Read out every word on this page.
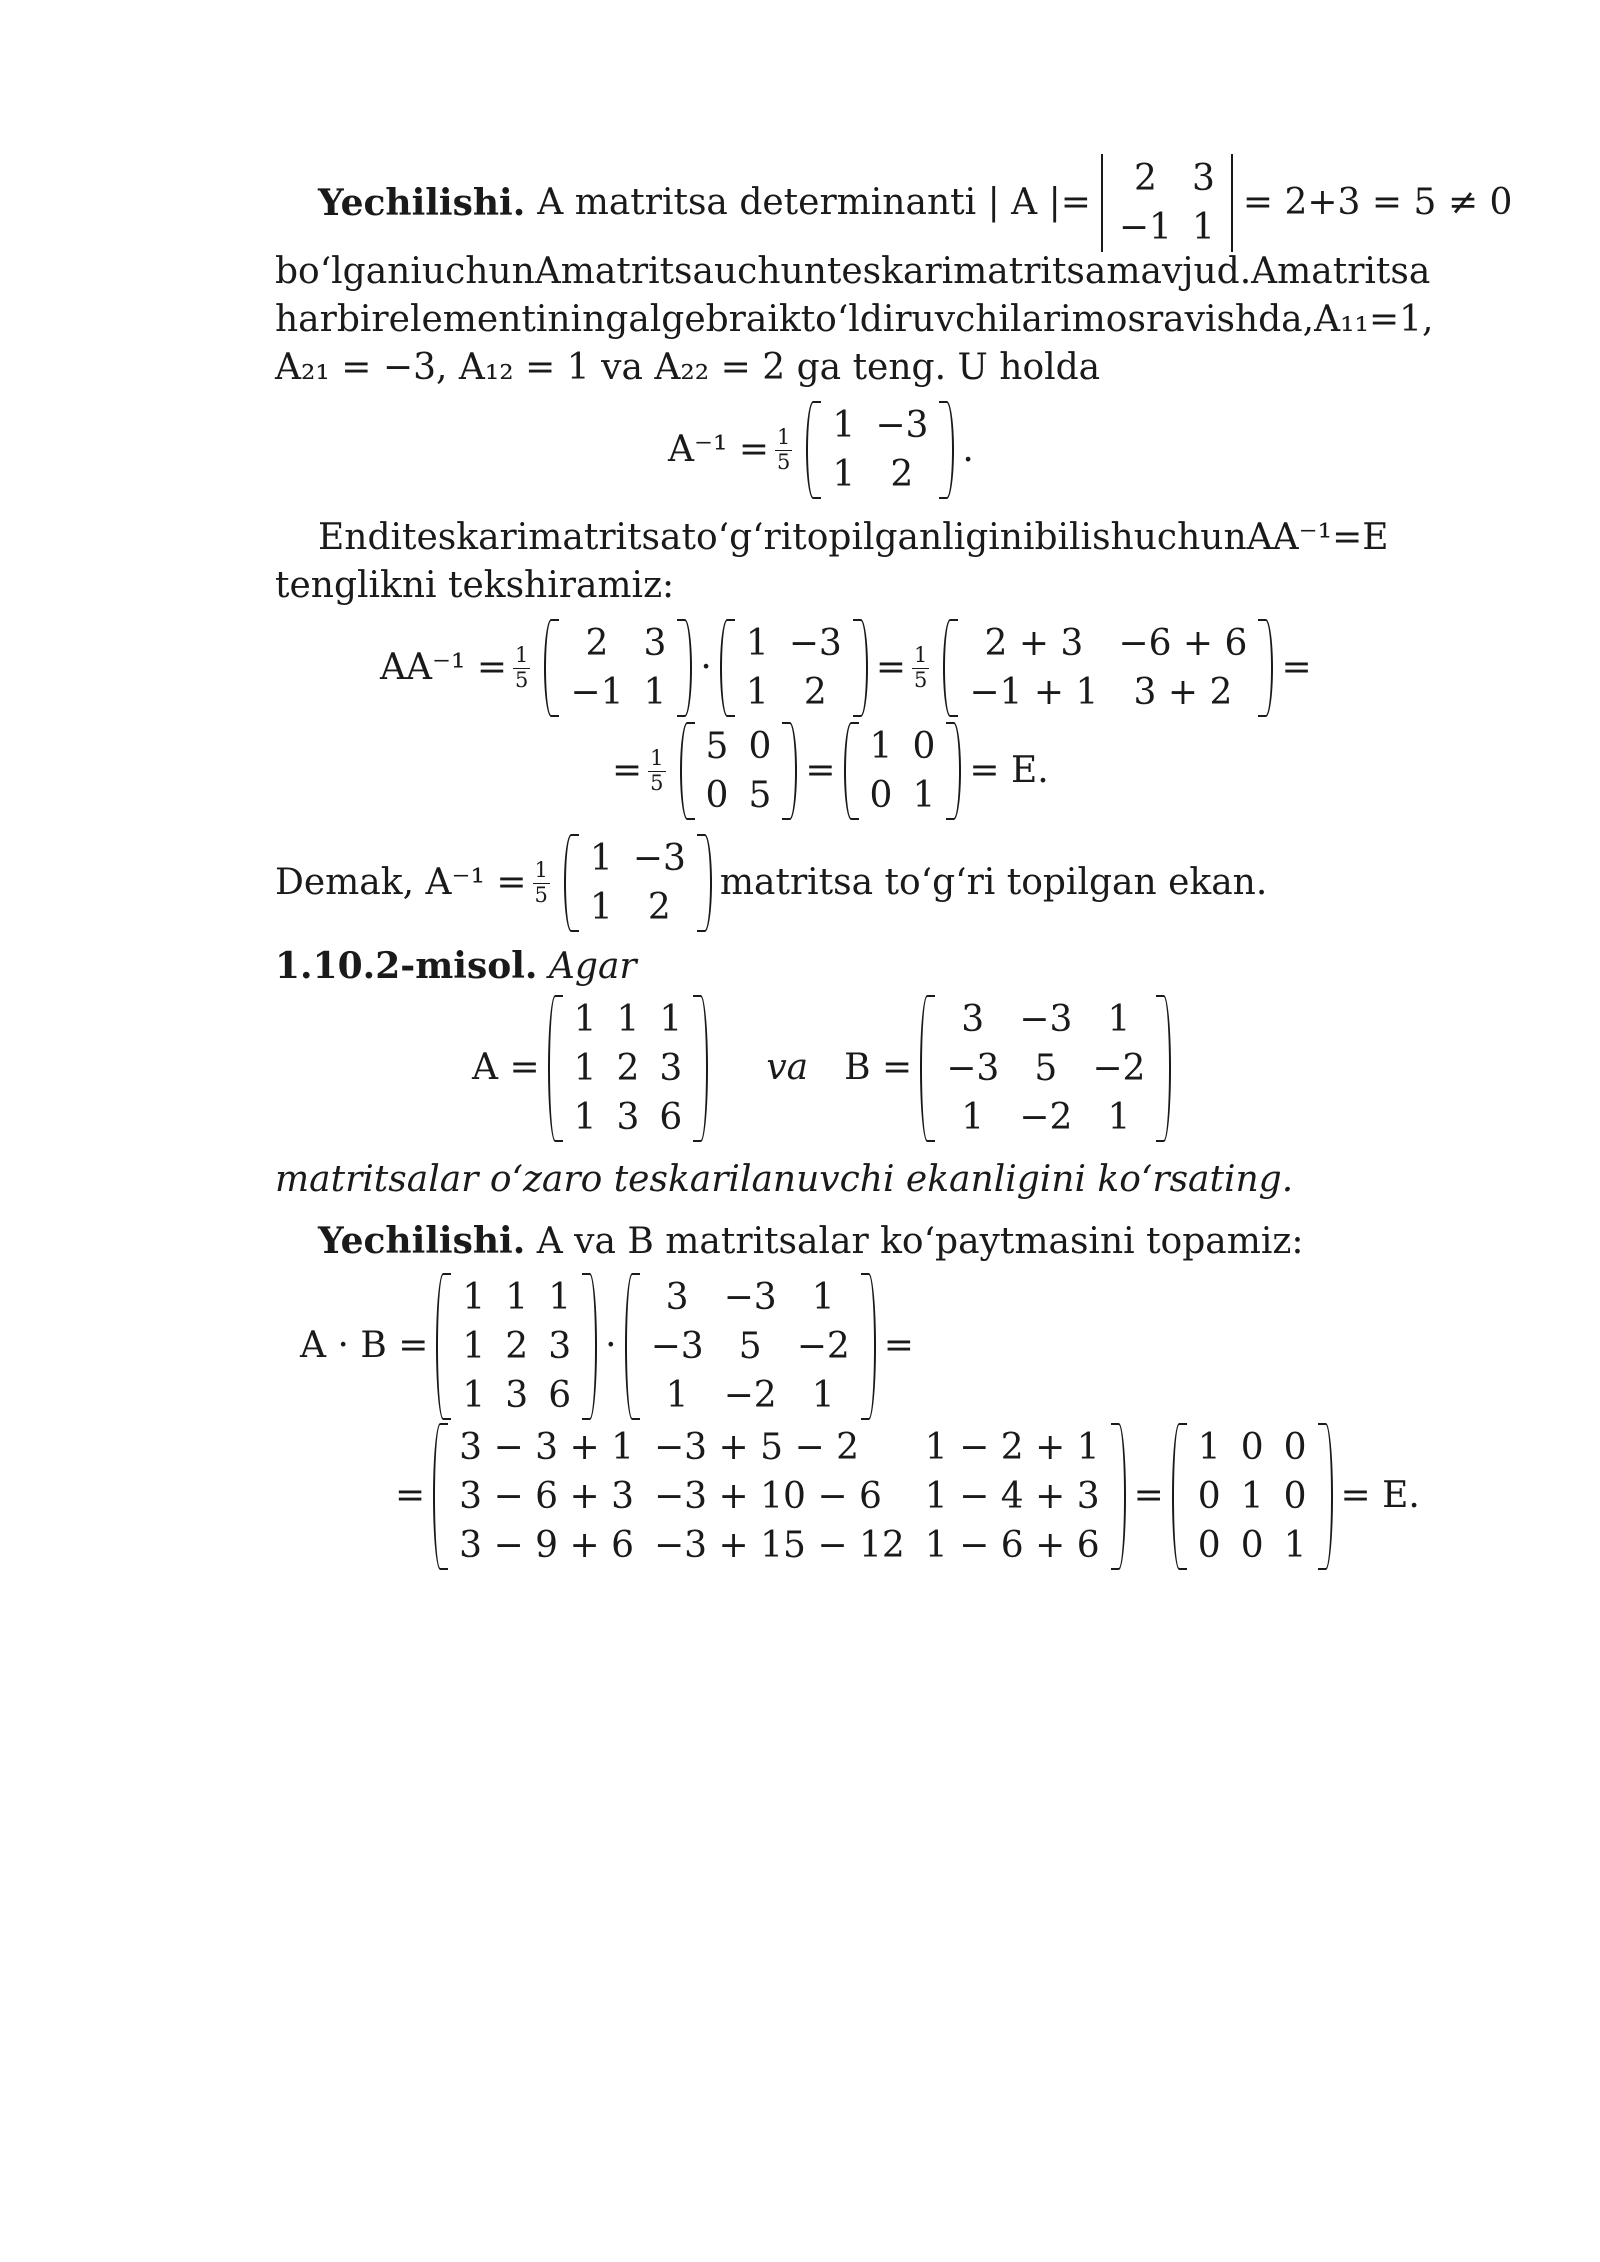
Yechilishi. A matritsa determinanti | A |=
2	3
−1	1
= 2+3 = 5 ≠ 0
bo‘lgani uchun A matritsa uchun teskari matritsa mavjud. A matritsa
har bir elementining algebraik to‘ldiruvchilari mos ravishda, A₁₁ = 1,
A₂₁ = −3, A₁₂ = 1 va A₂₂ = 2 ga teng. U holda
$A^{-1} = \frac{1}{5}$
1	−3
1	2
.
Endi teskari matritsa to‘g‘ri topilganligini bilish uchun AA⁻¹ = E
tenglikni tekshiramiz:
$AA^{-1} = \frac{1}{5}$
2	3
−1	1
·
1	−3
1	2
= $\frac{1}{5}$
2 + 3	−6 + 6
−1 + 1	3 + 2
=
= $\frac{1}{5}$
5	0
0	5
=
1	0
0	1
= E.
Demak, $A^{-1} = \frac{1}{5}$
1	−3
1	2
matritsa to‘g‘ri topilgan ekan.
1.10.2-misol. Agar
A =
1	1	1
1	2	3
1	3	6
va B =
3	−3	1
−3	5	−2
1	−2	1
matritsalar o‘zaro teskarilanuvchi ekanligini ko‘rsating.
Yechilishi. A va B matritsalar ko‘paytmasini topamiz:
A · B =
1	1	1
1	2	3
1	3	6
·
3	−3	1
−3	5	−2
1	−2	1
=
=
3 − 3 + 1	−3 + 5 − 2	1 − 2 + 1
3 − 6 + 3	−3 + 10 − 6	1 − 4 + 3
3 − 9 + 6	−3 + 15 − 12	1 − 6 + 6
=
1	0	0
0	1	0
0	0	1
= E.
